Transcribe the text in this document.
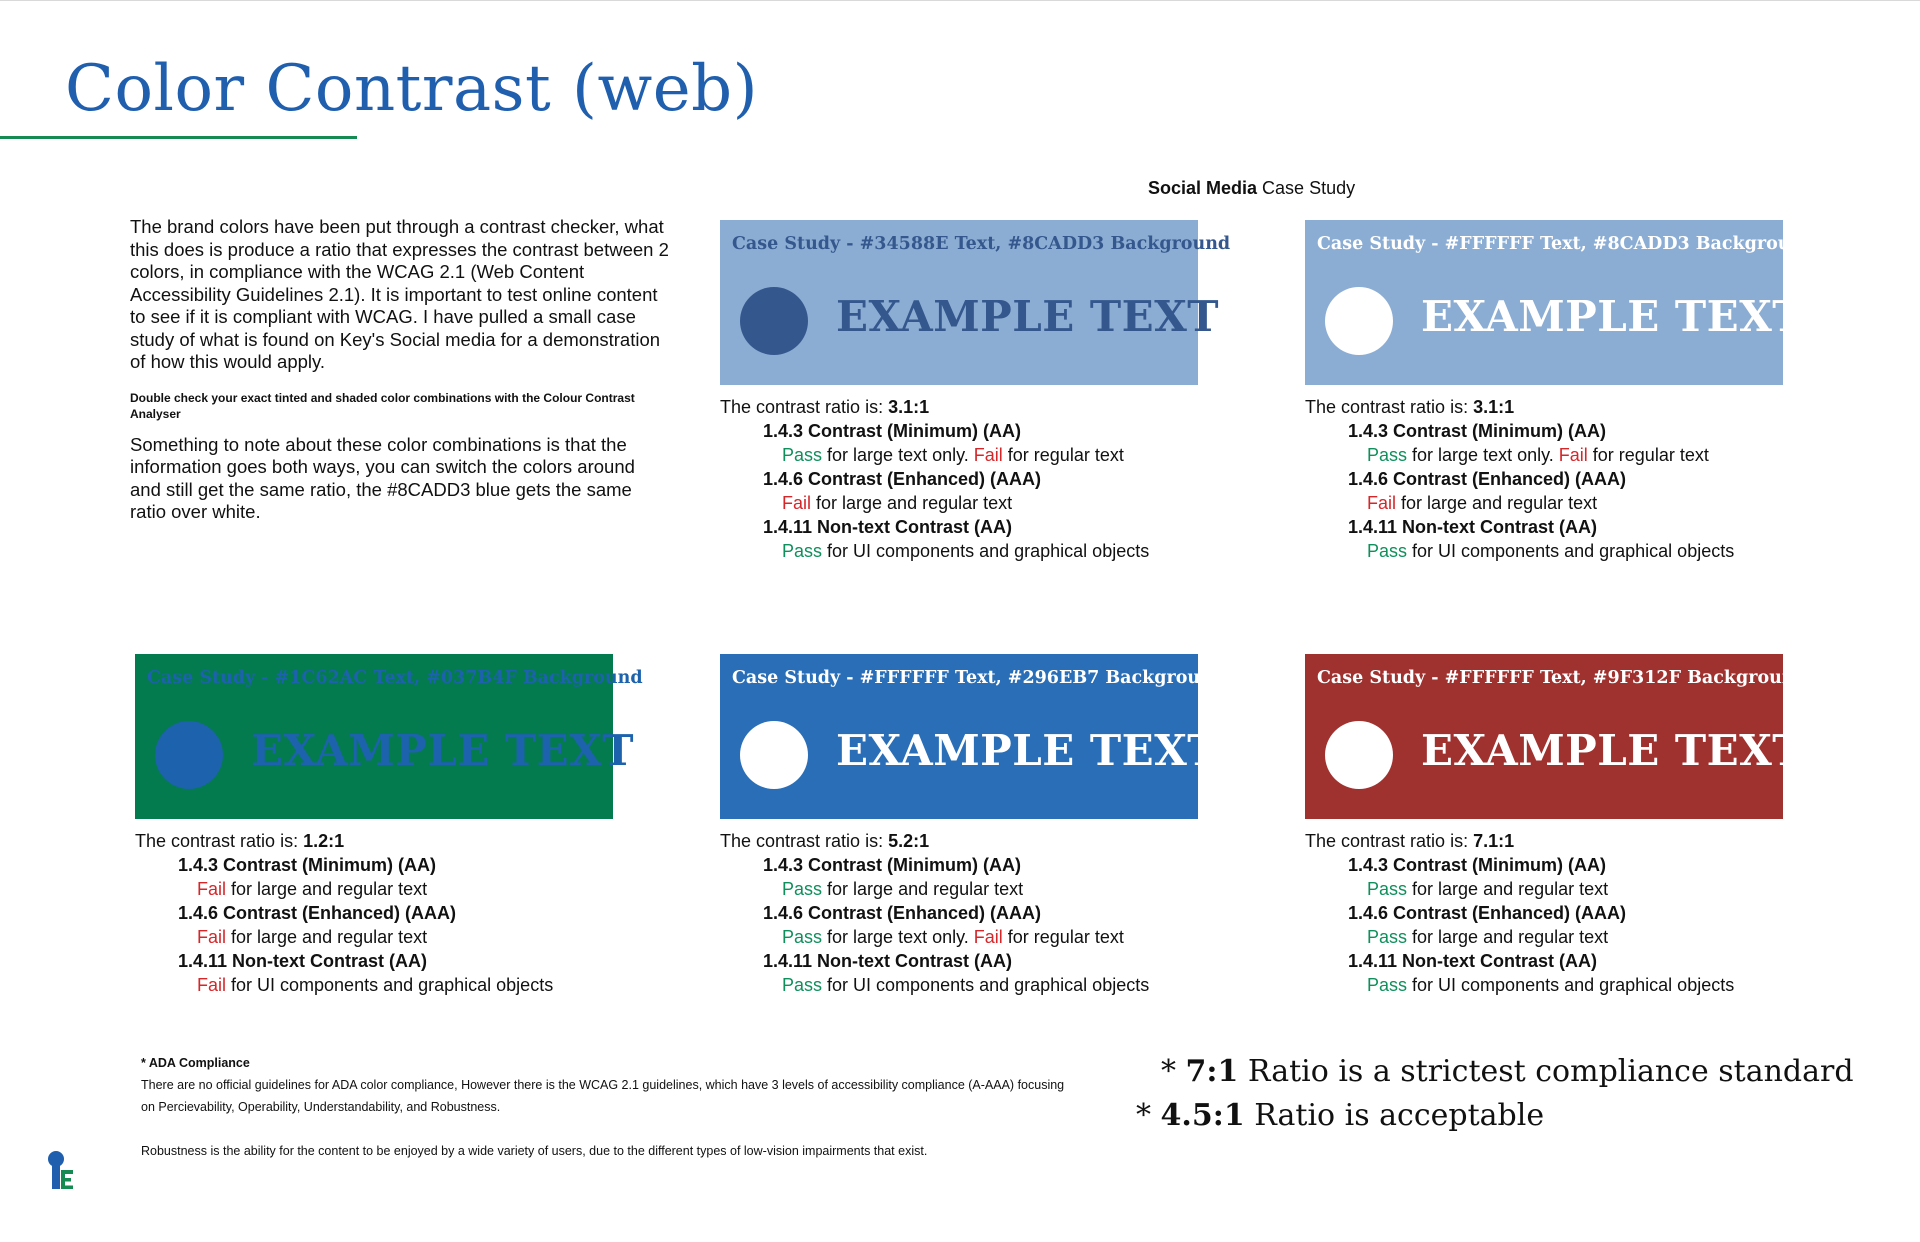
Color Contrast (web)

The brand colors have been put through a contrast checker, what this does is produce a ratio that expresses the contrast between 2 colors, in compliance with the WCAG 2.1 (Web Content Accessibility Guidelines 2.1). It is important to test online content to see if it is compliant with WCAG. I have pulled a small case study of what is found on Key's Social media for a demonstration of how this would apply.

Double check your exact tinted and shaded color combinations with the Colour Contrast Analyser

Something to note about these color combinations is that the information goes both ways, you can switch the colors around and still get the same ratio, the #8CADD3 blue gets the same ratio over white.

Social Media Case Study
Case Study - #34588E Text, #8CADD3 Background
EXAMPLE TEXT
The contrast ratio is: 3.1:1
1.4.3 Contrast (Minimum) (AA)
Pass for large text only. Fail for regular text
1.4.6 Contrast (Enhanced) (AAA)
Fail for large and regular text
1.4.11 Non-text Contrast (AA)
Pass for UI components and graphical objects
Case Study - #FFFFFF Text, #8CADD3 Background
EXAMPLE TEXT
The contrast ratio is: 3.1:1
1.4.3 Contrast (Minimum) (AA)
Pass for large text only. Fail for regular text
1.4.6 Contrast (Enhanced) (AAA)
Fail for large and regular text
1.4.11 Non-text Contrast (AA)
Pass for UI components and graphical objects
Case Study - #1C62AC Text, #037B4F Background
EXAMPLE TEXT
The contrast ratio is: 1.2:1
1.4.3 Contrast (Minimum) (AA)
Fail for large and regular text
1.4.6 Contrast (Enhanced) (AAA)
Fail for large and regular text
1.4.11 Non-text Contrast (AA)
Fail for UI components and graphical objects
Case Study - #FFFFFF Text, #296EB7 Background
EXAMPLE TEXT
The contrast ratio is: 5.2:1
1.4.3 Contrast (Minimum) (AA)
Pass for large and regular text
1.4.6 Contrast (Enhanced) (AAA)
Pass for large text only. Fail for regular text
1.4.11 Non-text Contrast (AA)
Pass for UI components and graphical objects
Case Study - #FFFFFF Text, #9F312F Background
EXAMPLE TEXT
The contrast ratio is: 7.1:1
1.4.3 Contrast (Minimum) (AA)
Pass for large and regular text
1.4.6 Contrast (Enhanced) (AAA)
Pass for large and regular text
1.4.11 Non-text Contrast (AA)
Pass for UI components and graphical objects
* ADA Compliance
There are no official guidelines for ADA color compliance, However there is the WCAG 2.1 guidelines, which have 3 levels of accessibility compliance (A-AAA) focusing on Percievability, Operability, Understandability, and Robustness.
Robustness is the ability for the content to be enjoyed by a wide variety of users, due to the different types of low-vision impairments that exist.
* 7:1 Ratio is a strictest compliance standard
* 4.5:1 Ratio is acceptable
